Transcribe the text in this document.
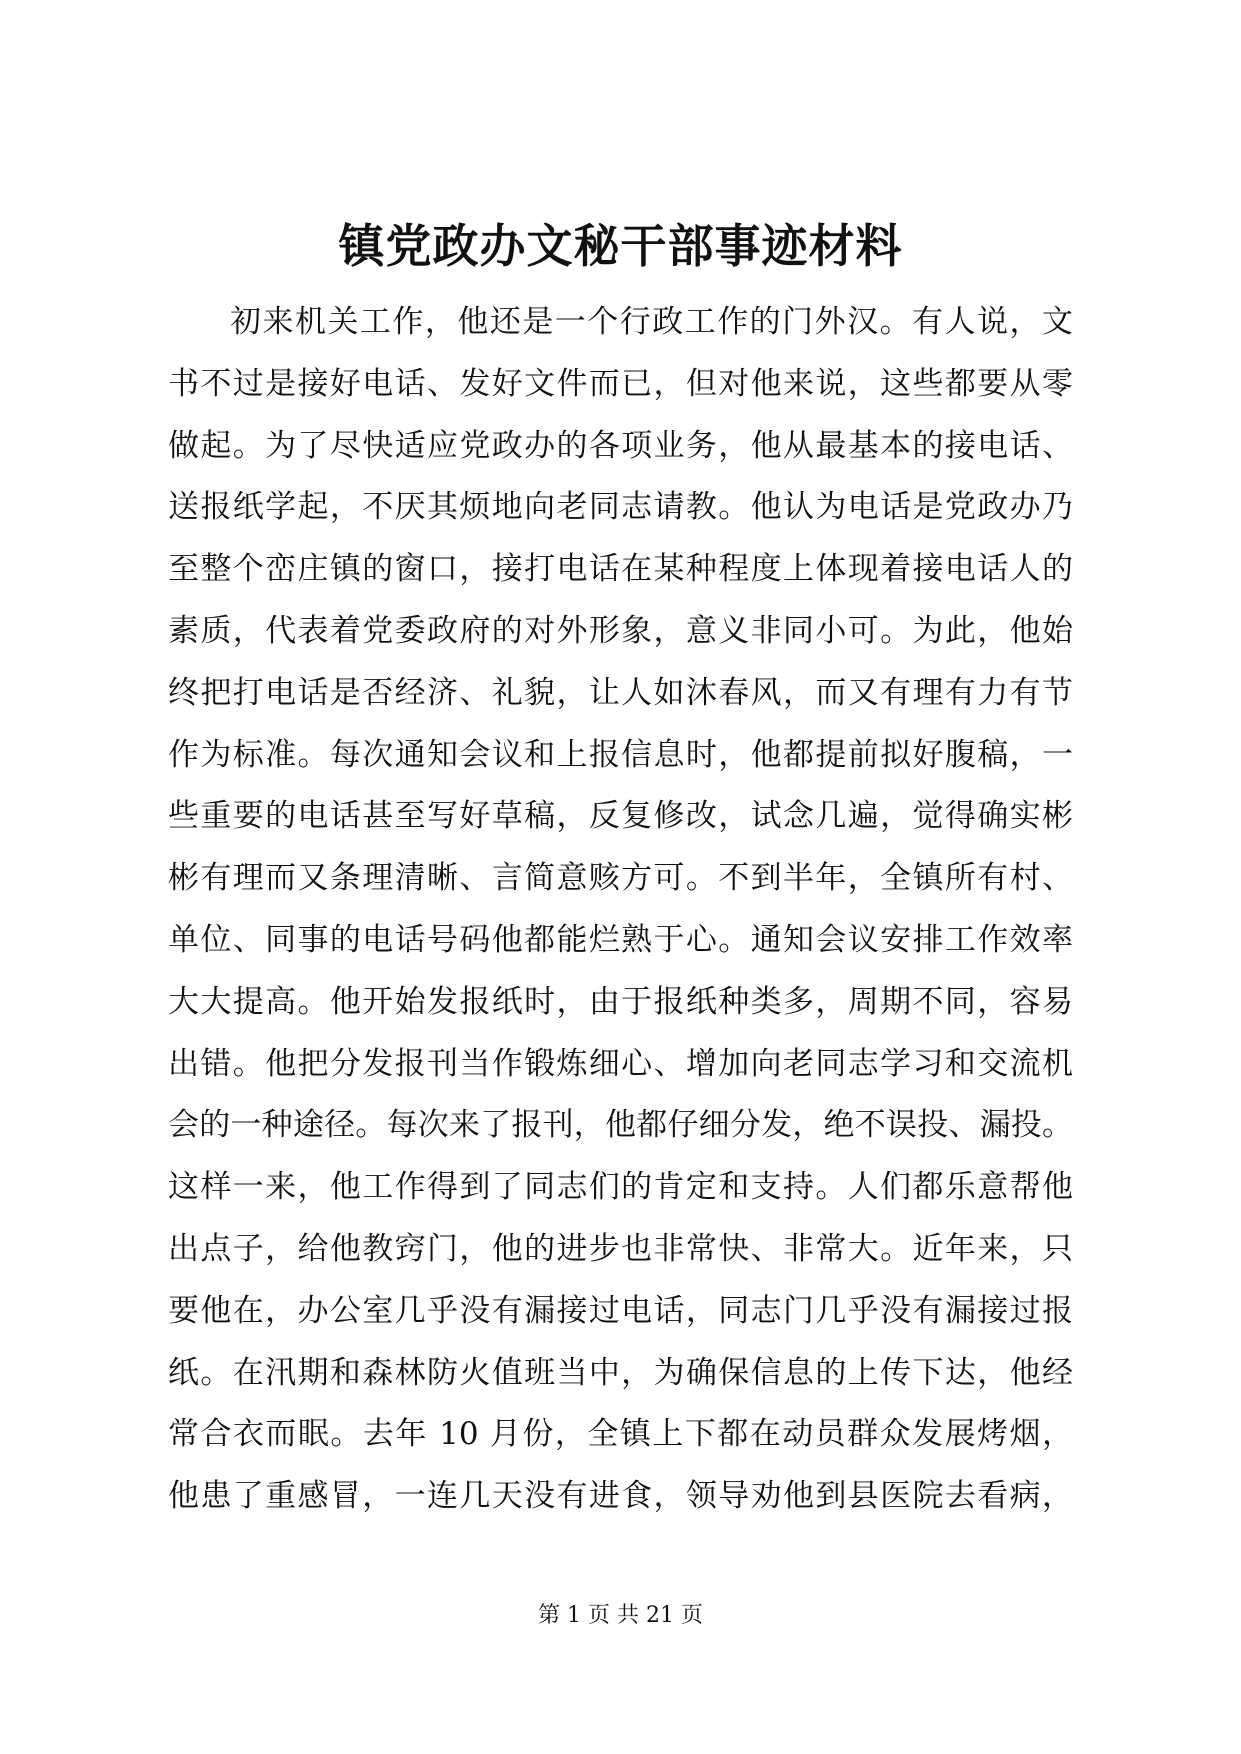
镇党政办文秘干部事迹材料
初来机关工作，他还是一个行政工作的门外汉。有人说，文
书不过是接好电话、发好文件而已，但对他来说，这些都要从零
做起。为了尽快适应党政办的各项业务，他从最基本的接电话、
送报纸学起，不厌其烦地向老同志请教。他认为电话是党政办乃
至整个峦庄镇的窗口，接打电话在某种程度上体现着接电话人的
素质，代表着党委政府的对外形象，意义非同小可。为此，他始
终把打电话是否经济、礼貌，让人如沐春风，而又有理有力有节
作为标准。每次通知会议和上报信息时，他都提前拟好腹稿，一
些重要的电话甚至写好草稿，反复修改，试念几遍，觉得确实彬
彬有理而又条理清晰、言简意赅方可。不到半年，全镇所有村、
单位、同事的电话号码他都能烂熟于心。通知会议安排工作效率
大大提高。他开始发报纸时，由于报纸种类多，周期不同，容易
出错。他把分发报刊当作锻炼细心、增加向老同志学习和交流机
会的一种途径。每次来了报刊，他都仔细分发，绝不误投、漏投。
这样一来，他工作得到了同志们的肯定和支持。人们都乐意帮他
出点子，给他教窍门，他的进步也非常快、非常大。近年来，只
要他在，办公室几乎没有漏接过电话，同志门几乎没有漏接过报
纸。在汛期和森林防火值班当中，为确保信息的上传下达，他经
常合衣而眠。去年 10 月份，全镇上下都在动员群众发展烤烟，
他患了重感冒，一连几天没有进食，领导劝他到县医院去看病，
第 1 页 共 21 页
